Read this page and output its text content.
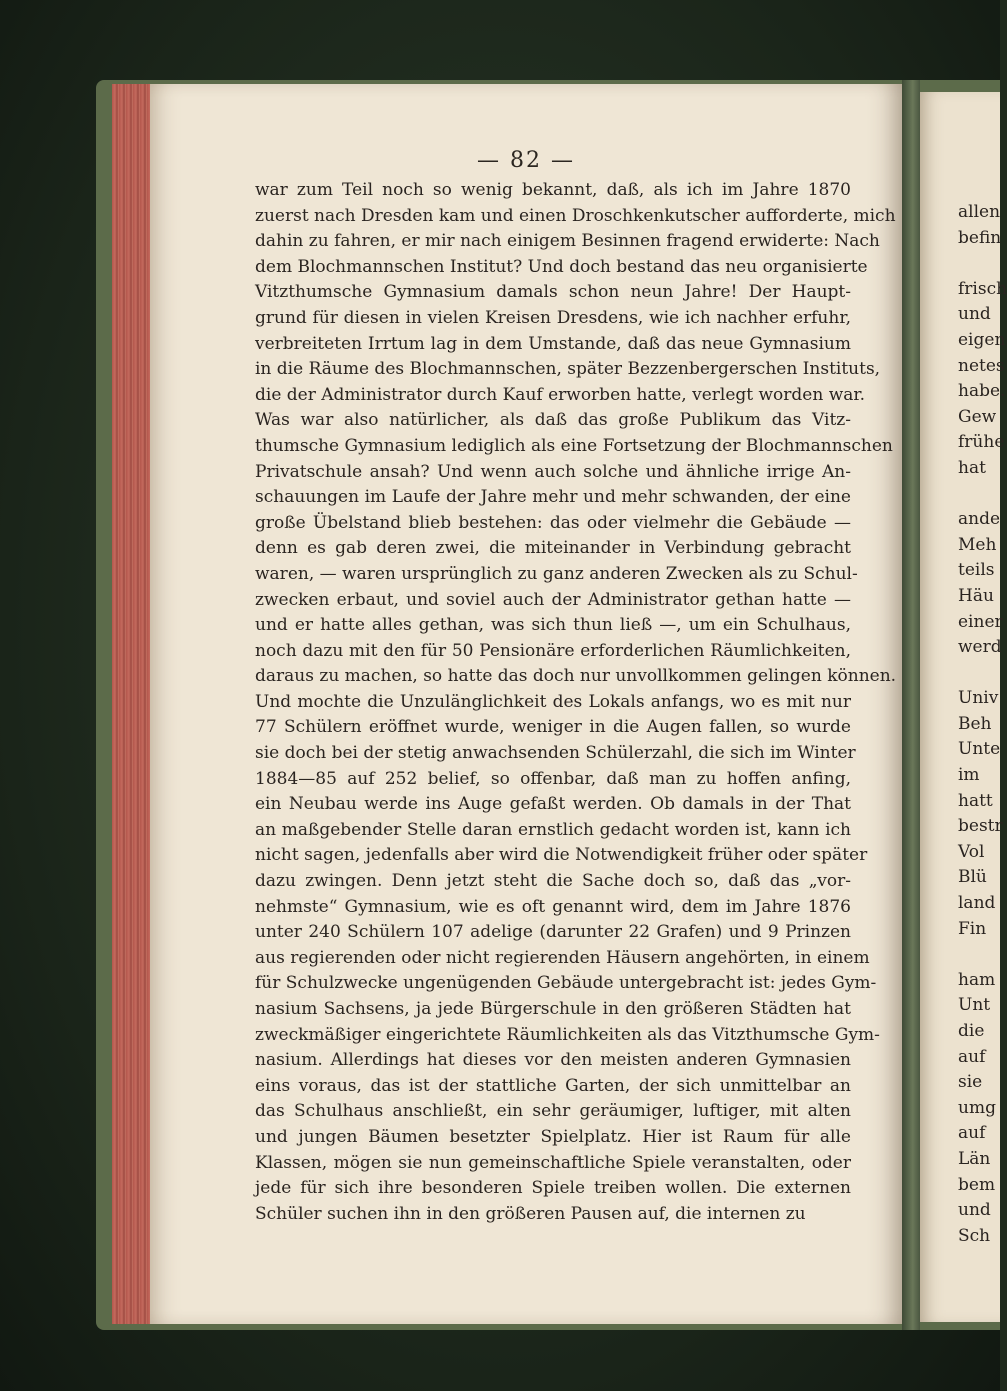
— 82 —
war zum Teil noch so wenig bekannt, daß, als ich im Jahre 1870
zuerst nach Dresden kam und einen Droschkenkutscher aufforderte, mich
dahin zu fahren, er mir nach einigem Besinnen fragend erwiderte: Nach
dem Blochmannschen Institut? Und doch bestand das neu organisierte
Vitzthumsche Gymnasium damals schon neun Jahre! Der Haupt-
grund für diesen in vielen Kreisen Dresdens, wie ich nachher erfuhr,
verbreiteten Irrtum lag in dem Umstande, daß das neue Gymnasium
in die Räume des Blochmannschen, später Bezzenbergerschen Instituts,
die der Administrator durch Kauf erworben hatte, verlegt worden war.
Was war also natürlicher, als daß das große Publikum das Vitz-
thumsche Gymnasium lediglich als eine Fortsetzung der Blochmannschen
Privatschule ansah? Und wenn auch solche und ähnliche irrige An-
schauungen im Laufe der Jahre mehr und mehr schwanden, der eine
große Übelstand blieb bestehen: das oder vielmehr die Gebäude —
denn es gab deren zwei, die miteinander in Verbindung gebracht
waren, — waren ursprünglich zu ganz anderen Zwecken als zu Schul-
zwecken erbaut, und soviel auch der Administrator gethan hatte —
und er hatte alles gethan, was sich thun ließ —, um ein Schulhaus,
noch dazu mit den für 50 Pensionäre erforderlichen Räumlichkeiten,
daraus zu machen, so hatte das doch nur unvollkommen gelingen können.
Und mochte die Unzulänglichkeit des Lokals anfangs, wo es mit nur
77 Schülern eröffnet wurde, weniger in die Augen fallen, so wurde
sie doch bei der stetig anwachsenden Schülerzahl, die sich im Winter
1884—85 auf 252 belief, so offenbar, daß man zu hoffen anfing,
ein Neubau werde ins Auge gefaßt werden. Ob damals in der That
an maßgebender Stelle daran ernstlich gedacht worden ist, kann ich
nicht sagen, jedenfalls aber wird die Notwendigkeit früher oder später
dazu zwingen. Denn jetzt steht die Sache doch so, daß das „vor-
nehmste“ Gymnasium, wie es oft genannt wird, dem im Jahre 1876
unter 240 Schülern 107 adelige (darunter 22 Grafen) und 9 Prinzen
aus regierenden oder nicht regierenden Häusern angehörten, in einem
für Schulzwecke ungenügenden Gebäude untergebracht ist: jedes Gym-
nasium Sachsens, ja jede Bürgerschule in den größeren Städten hat
zweckmäßiger eingerichtete Räumlichkeiten als das Vitzthumsche Gym-
nasium. Allerdings hat dieses vor den meisten anderen Gymnasien
eins voraus, das ist der stattliche Garten, der sich unmittelbar an
das Schulhaus anschließt, ein sehr geräumiger, luftiger, mit alten
und jungen Bäumen besetzter Spielplatz. Hier ist Raum für alle
Klassen, mögen sie nun gemeinschaftliche Spiele veranstalten, oder
jede für sich ihre besonderen Spiele treiben wollen. Die externen
Schüler suchen ihn in den größeren Pausen auf, die internen zu
allen
befin
frisch
und
eigen
netes
habe.
Gew
frühe
hat
ande
Meh
teils
Häu
einer
werd
Univ
Beh
Unte
im
hatt
bestr
Vol
Blü
land
Fin
ham
Unt
die
auf
sie
umg
auf
Län
bem
und
Sch
